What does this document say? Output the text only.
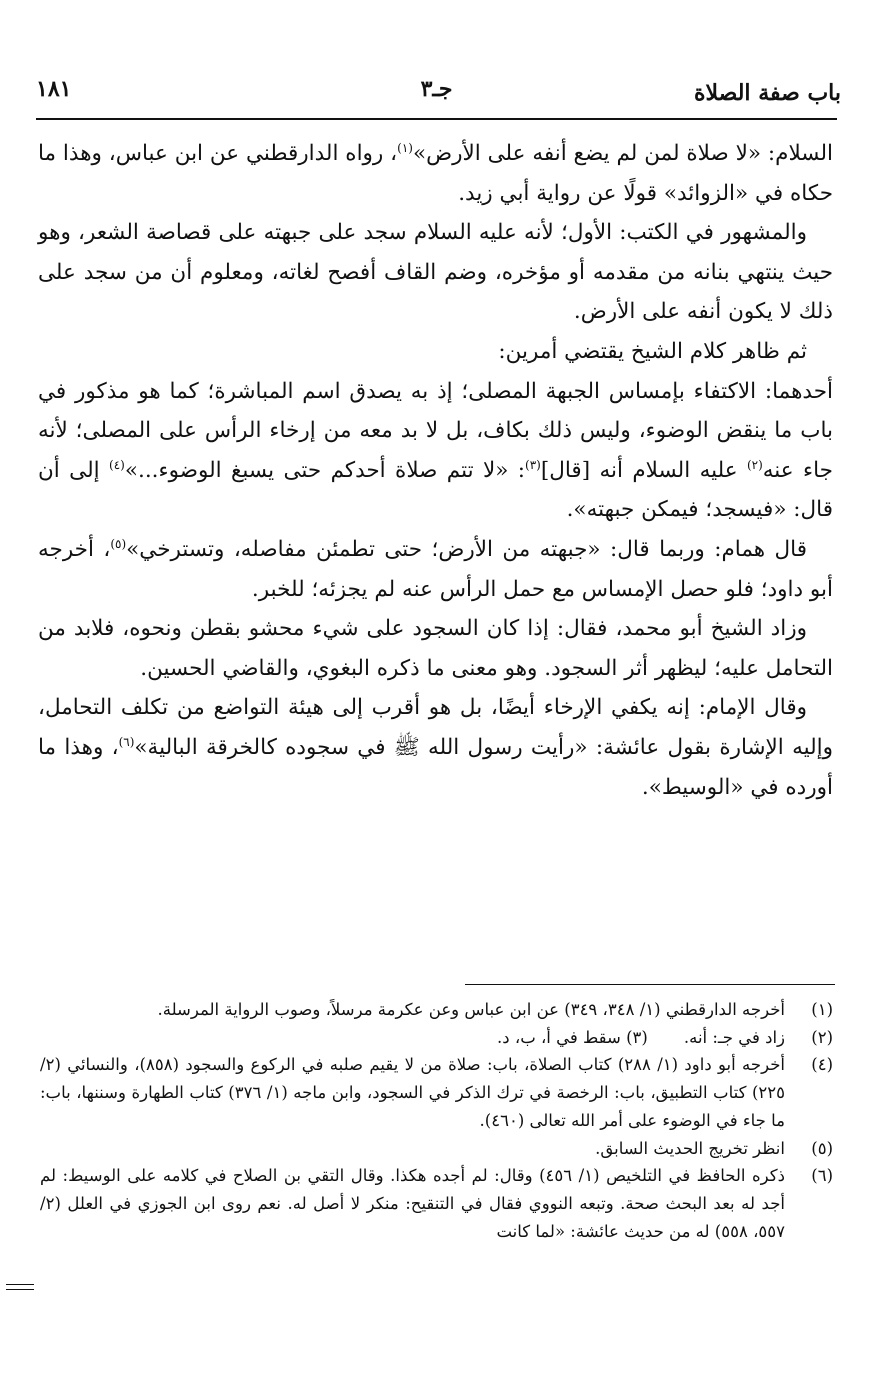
باب صفة الصلاة
جـ٣
١٨١

السلام: «لا صلاة لمن لم يضع أنفه على الأرض»$^{(١)}$، رواه الدارقطني عن ابن عباس، وهذا ما حكاه في «الزوائد» قولًا عن رواية أبي زيد.

والمشهور في الكتب: الأول؛ لأنه عليه السلام سجد على جبهته على قصاصة الشعر، وهو حيث ينتهي بنانه من مقدمه أو مؤخره، وضم القاف أفصح لغاته، ومعلوم أن من سجد على ذلك لا يكون أنفه على الأرض.

ثم ظاهر كلام الشيخ يقتضي أمرين:

أحدهما: الاكتفاء بإمساس الجبهة المصلى؛ إذ به يصدق اسم المباشرة؛ كما هو مذكور في باب ما ينقض الوضوء، وليس ذلك بكاف، بل لا بد معه من إرخاء الرأس على المصلى؛ لأنه جاء عنه$^{(٢)}$ عليه السلام أنه [قال]$^{(٣)}$: «لا تتم صلاة أحدكم حتى يسبغ الوضوء...»$^{(٤)}$ إلى أن قال: «فيسجد؛ فيمكن جبهته».

قال همام: وربما قال: «جبهته من الأرض؛ حتى تطمئن مفاصله، وتسترخي»$^{(٥)}$، أخرجه أبو داود؛ فلو حصل الإمساس مع حمل الرأس عنه لم يجزئه؛ للخبر.

وزاد الشيخ أبو محمد، فقال: إذا كان السجود على شيء محشو بقطن ونحوه، فلابد من التحامل عليه؛ ليظهر أثر السجود. وهو معنى ما ذكره البغوي، والقاضي الحسين.

وقال الإمام: إنه يكفي الإرخاء أيضًا، بل هو أقرب إلى هيئة التواضع من تكلف التحامل، وإليه الإشارة بقول عائشة: «رأيت رسول الله ﷺ في سجوده كالخرقة البالية»$^{(٦)}$، وهذا ما أورده في «الوسيط».

(١)
أخرجه الدارقطني (١/ ٣٤٨، ٣٤٩) عن ابن عباس وعن عكرمة مرسلاً، وصوب الرواية المرسلة.
(٢)
زاد في جـ: أنه.(٣) سقط في أ، ب، د.
(٤)
أخرجه أبو داود (١/ ٢٨٨) كتاب الصلاة، باب: صلاة من لا يقيم صلبه في الركوع والسجود (٨٥٨)، والنسائي (٢/ ٢٢٥) كتاب التطبيق، باب: الرخصة في ترك الذكر في السجود، وابن ماجه (١/ ٣٧٦) كتاب الطهارة وسننها، باب: ما جاء في الوضوء على أمر الله تعالى (٤٦٠).
(٥)
انظر تخريج الحديث السابق.
(٦)
ذكره الحافظ في التلخيص (١/ ٤٥٦) وقال: لم أجده هكذا. وقال التقي بن الصلاح في كلامه على الوسيط: لم أجد له بعد البحث صحة. وتبعه النووي فقال في التنقيح: منكر لا أصل له. نعم روى ابن الجوزي في العلل (٢/ ٥٥٧، ٥٥٨) له من حديث عائشة: «لما كانت
